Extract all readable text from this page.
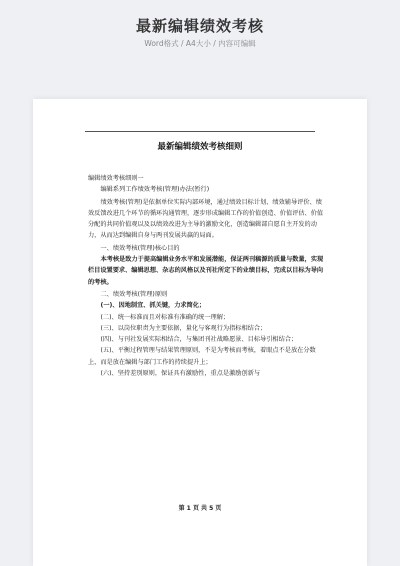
最新编辑绩效考核
Word格式 / A4大小 / 内容可编辑
最新编辑绩效考核细则

编辑绩效考核细则一

编辑系列工作绩效考核(管理)办法(暂行)

绩效考核(管理)是依据单位实际内部环境，通过绩效目标计划、绩效辅导评价、绩效反馈改进几个环节的循环沟通管理，逐步形成编辑工作的价值创造、价值评估、价值分配的共同价值观以及以绩效改进为主导的激励文化，创造编辑部自愿自主开发的动力，从而达到编辑自身与两刊发展共赢的局面。

一、绩效考核(管理)核心目的

本考核是致力于提高编辑业务水平和发展潜能，保证两刊稿源的质量与数量，实现栏目设置要求、编辑思想、杂志的风格以及刊社所定下的业绩目标，完成以目标为导向的考核。

二、绩效考核(管理)原则

(一)、因地制宜、抓关键，力求简化；

(二)、统一标准而且对标准有准确的统一理解；

(三)、以岗位职责为主要依据，量化与客观行为指标相结合；

(四)、与刊社发展实际相结合，与集团刊社战略愿景、目标导引相结合；

(五)、平衡过程管理与结果管理原则，不是为考核而考核，着眼点不是放在分数上，而是放在编辑与部门工作的持续提升上；

(六)、坚持差别原则，保证具有激励性，重点是激励创新与

第 1 页 共 5 页
